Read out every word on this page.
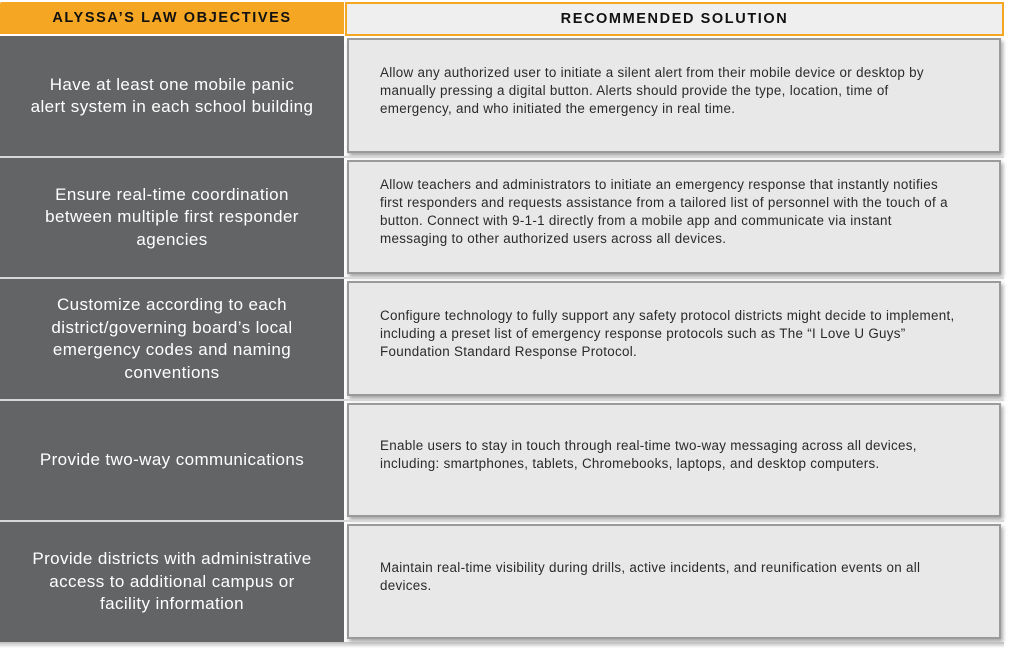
ALYSSA’S LAW OBJECTIVES	RECOMMENDED SOLUTION
Have at least one mobile panic alert system in each school building
Allow any authorized user to initiate a silent alert from their mobile device or desktop by manually pressing a digital button. Alerts should provide the type, location, time of emergency, and who initiated the emergency in real time.
Ensure real-time coordination between multiple first responder agencies
Allow teachers and administrators to initiate an emergency response that instantly notifies first responders and requests assistance from a tailored list of personnel with the touch of a button. Connect with 9-1-1 directly from a mobile app and communicate via instant messaging to other authorized users across all devices.
Customize according to each district/governing board’s local emergency codes and naming conventions
Configure technology to fully support any safety protocol districts might decide to implement, including a preset list of emergency response protocols such as The “I Love U Guys” Foundation Standard Response Protocol.
Provide two-way communications
Enable users to stay in touch through real-time two-way messaging across all devices, including: smartphones, tablets, Chromebooks, laptops, and desktop computers.
Provide districts with administrative access to additional campus or facility information
Maintain real-time visibility during drills, active incidents, and reunification events on all devices.
